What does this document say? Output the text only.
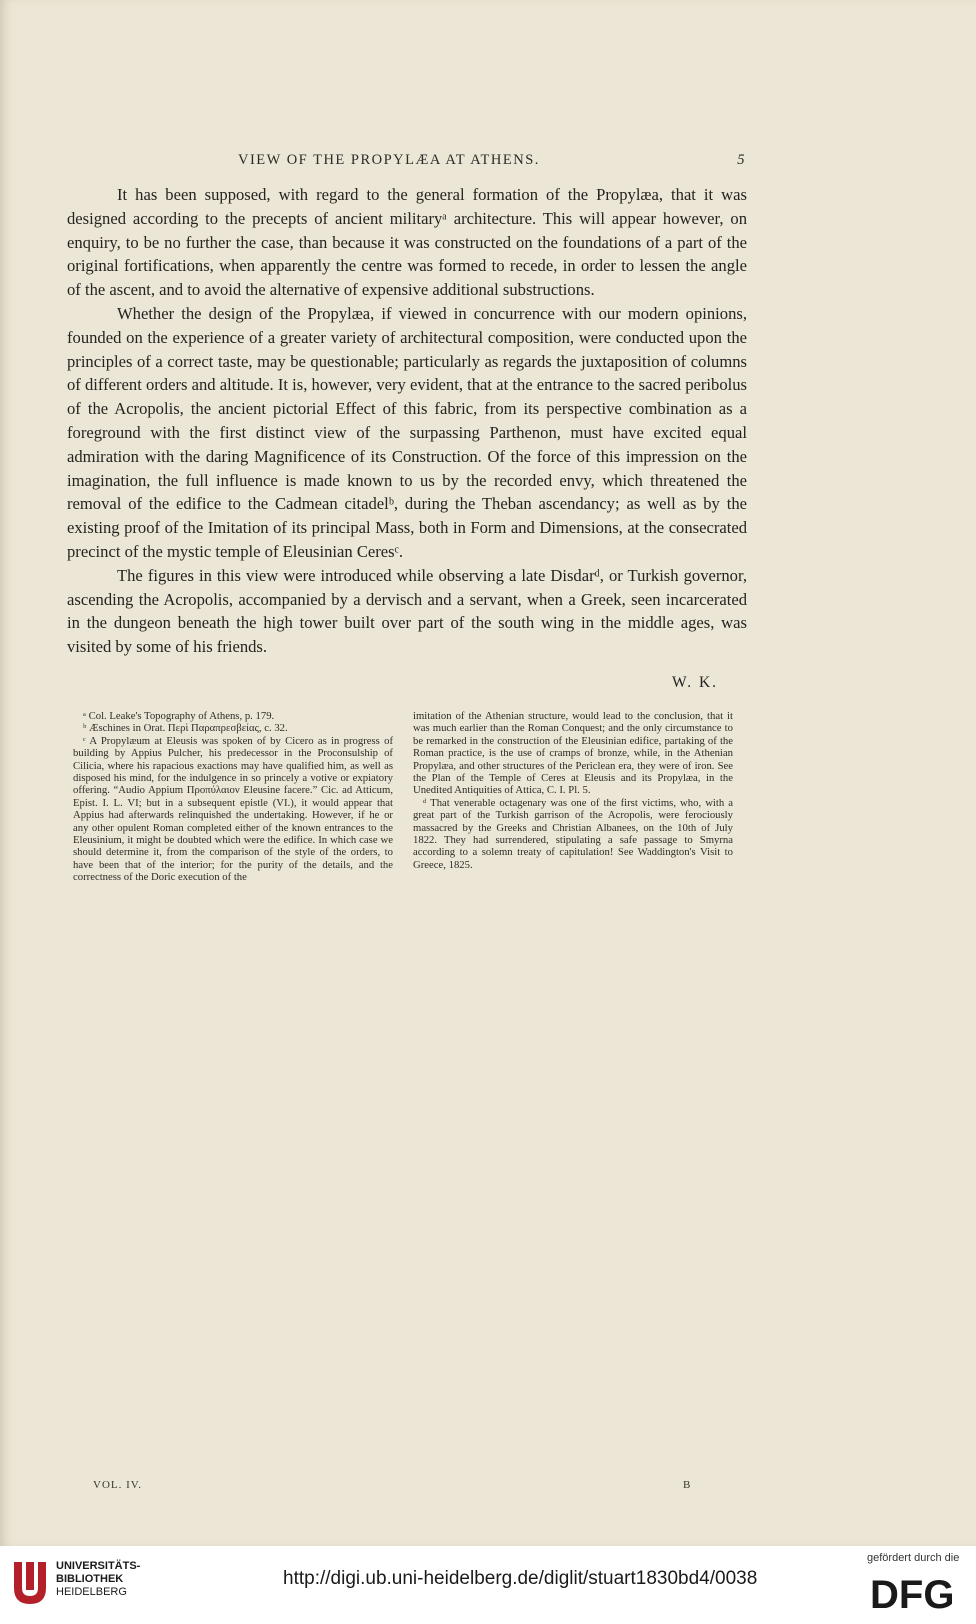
VIEW OF THE PROPYLÆA AT ATHENS.	5

It has been supposed, with regard to the general formation of the Propylæa, that it was designed according to the precepts of ancient militaryᵃ architecture. This will appear however, on enquiry, to be no further the case, than because it was constructed on the foundations of a part of the original fortifications, when apparently the centre was formed to recede, in order to lessen the angle of the ascent, and to avoid the alternative of expensive additional substructions.

Whether the design of the Propylæa, if viewed in concurrence with our modern opinions, founded on the experience of a greater variety of architectural composition, were conducted upon the principles of a correct taste, may be questionable; particularly as regards the juxtaposition of columns of different orders and altitude. It is, however, very evident, that at the entrance to the sacred peribolus of the Acropolis, the ancient pictorial Effect of this fabric, from its perspective combination as a foreground with the first distinct view of the surpassing Parthenon, must have excited equal admiration with the daring Magnificence of its Construction. Of the force of this impression on the imagination, the full influence is made known to us by the recorded envy, which threatened the removal of the edifice to the Cadmean citadelᵇ, during the Theban ascendancy; as well as by the existing proof of the Imitation of its principal Mass, both in Form and Dimensions, at the consecrated precinct of the mystic temple of Eleusinian Ceresᶜ.

The figures in this view were introduced while observing a late Disdarᵈ, or Turkish governor, ascending the Acropolis, accompanied by a dervisch and a servant, when a Greek, seen incarcerated in the dungeon beneath the high tower built over part of the south wing in the middle ages, was visited by some of his friends.

W. K.

ᵃ Col. Leake's Topography of Athens, p. 179.

ᵇ Æschines in Orat. Περὶ Παραπρεσβείας, c. 32.

ᶜ A Propylæum at Eleusis was spoken of by Cicero as in progress of building by Appius Pulcher, his predecessor in the Proconsulship of Cilicia, where his rapacious exactions may have qualified him, as well as disposed his mind, for the indulgence in so princely a votive or expiatory offering. “Audio Appium Προπύλαιον Eleusine facere.” Cic. ad Atticum, Epist. I. L. VI; but in a subsequent epistle (VI.), it would appear that Appius had afterwards relinquished the undertaking. However, if he or any other opulent Roman completed either of the known entrances to the Eleusinium, it might be doubted which were the edifice. In which case we should determine it, from the comparison of the style of the orders, to have been that of the interior; for the purity of the details, and the correctness of the Doric execution of the

imitation of the Athenian structure, would lead to the conclusion, that it was much earlier than the Roman Conquest; and the only circumstance to be remarked in the construction of the Eleusinian edifice, partaking of the Roman practice, is the use of cramps of bronze, while, in the Athenian Propylæa, and other structures of the Periclean era, they were of iron. See the Plan of the Temple of Ceres at Eleusis and its Propylæa, in the Unedited Antiquities of Attica, C. I. Pl. 5.

ᵈ That venerable octagenary was one of the first victims, who, with a great part of the Turkish garrison of the Acropolis, were ferociously massacred by the Greeks and Christian Albanees, on the 10th of July 1822. They had surrendered, stipulating a safe passage to Smyrna according to a solemn treaty of capitulation! See Waddington's Visit to Greece, 1825.

VOL. IV.	B
UNIVERSITÄTS-
BIBLIOTHEK
HEIDELBERG
http://digi.ub.uni-heidelberg.de/diglit/stuart1830bd4/0038
gefördert durch die
DFG
